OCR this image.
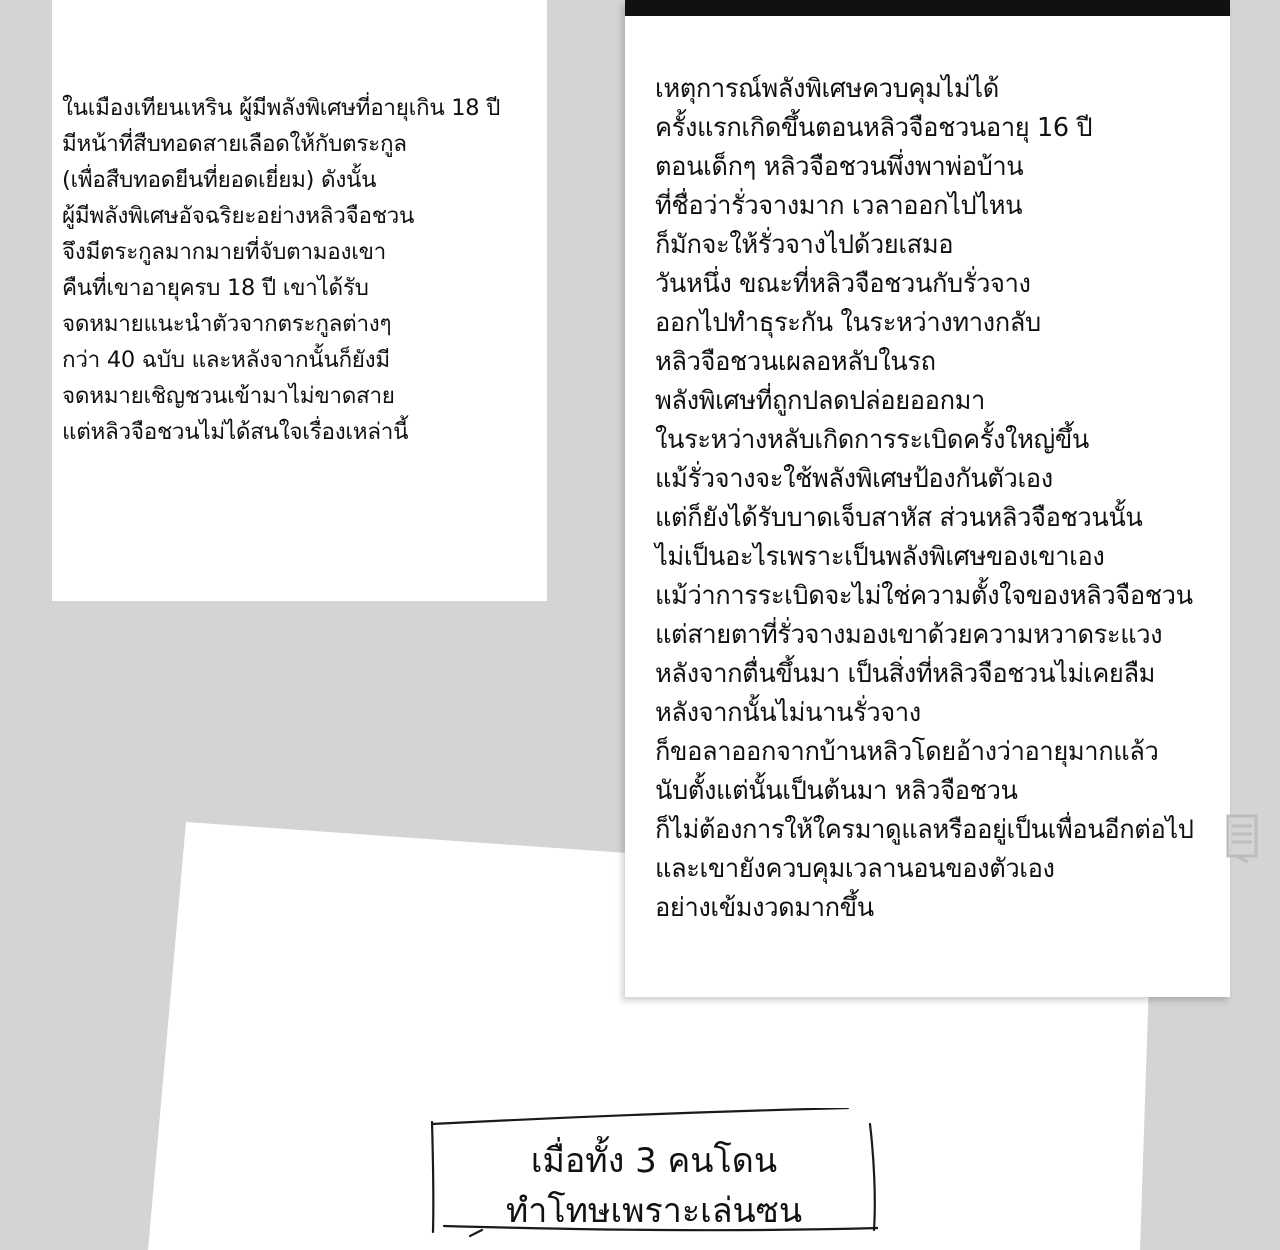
ในเมืองเทียนเหริน ผู้มีพลังพิเศษที่อายุเกิน 18 ปี
มีหน้าที่สืบทอดสายเลือดให้กับตระกูล
(เพื่อสืบทอดยีนที่ยอดเยี่ยม) ดังนั้น
ผู้มีพลังพิเศษอัจฉริยะอย่างหลิวจือชวน
จึงมีตระกูลมากมายที่จับตามองเขา
คืนที่เขาอายุครบ 18 ปี เขาได้รับ
จดหมายแนะนำตัวจากตระกูลต่างๆ
กว่า 40 ฉบับ และหลังจากนั้นก็ยังมี
จดหมายเชิญชวนเข้ามาไม่ขาดสาย
แต่หลิวจือชวนไม่ได้สนใจเรื่องเหล่านี้
เหตุการณ์พลังพิเศษควบคุมไม่ได้
ครั้งแรกเกิดขึ้นตอนหลิวจือชวนอายุ 16 ปี
ตอนเด็กๆ หลิวจือชวนพึ่งพาพ่อบ้าน
ที่ชื่อว่ารั่วจางมาก เวลาออกไปไหน
ก็มักจะให้รั่วจางไปด้วยเสมอ
วันหนึ่ง ขณะที่หลิวจือชวนกับรั่วจาง
ออกไปทำธุระกัน ในระหว่างทางกลับ
หลิวจือชวนเผลอหลับในรถ
พลังพิเศษที่ถูกปลดปล่อยออกมา
ในระหว่างหลับเกิดการระเบิดครั้งใหญ่ขึ้น
แม้รั่วจางจะใช้พลังพิเศษป้องกันตัวเอง
แต่ก็ยังได้รับบาดเจ็บสาหัส ส่วนหลิวจือชวนนั้น
ไม่เป็นอะไรเพราะเป็นพลังพิเศษของเขาเอง
แม้ว่าการระเบิดจะไม่ใช่ความตั้งใจของหลิวจือชวน
แต่สายตาที่รั่วจางมองเขาด้วยความหวาดระแวง
หลังจากตื่นขึ้นมา เป็นสิ่งที่หลิวจือชวนไม่เคยลืม
หลังจากนั้นไม่นานรั่วจาง
ก็ขอลาออกจากบ้านหลิวโดยอ้างว่าอายุมากแล้ว
นับตั้งแต่นั้นเป็นต้นมา หลิวจือชวน
ก็ไม่ต้องการให้ใครมาดูแลหรืออยู่เป็นเพื่อนอีกต่อไป
และเขายังควบคุมเวลานอนของตัวเอง
อย่างเข้มงวดมากขึ้น
เมื่อทั้ง 3 คนโดน
ทำโทษเพราะเล่นซน
